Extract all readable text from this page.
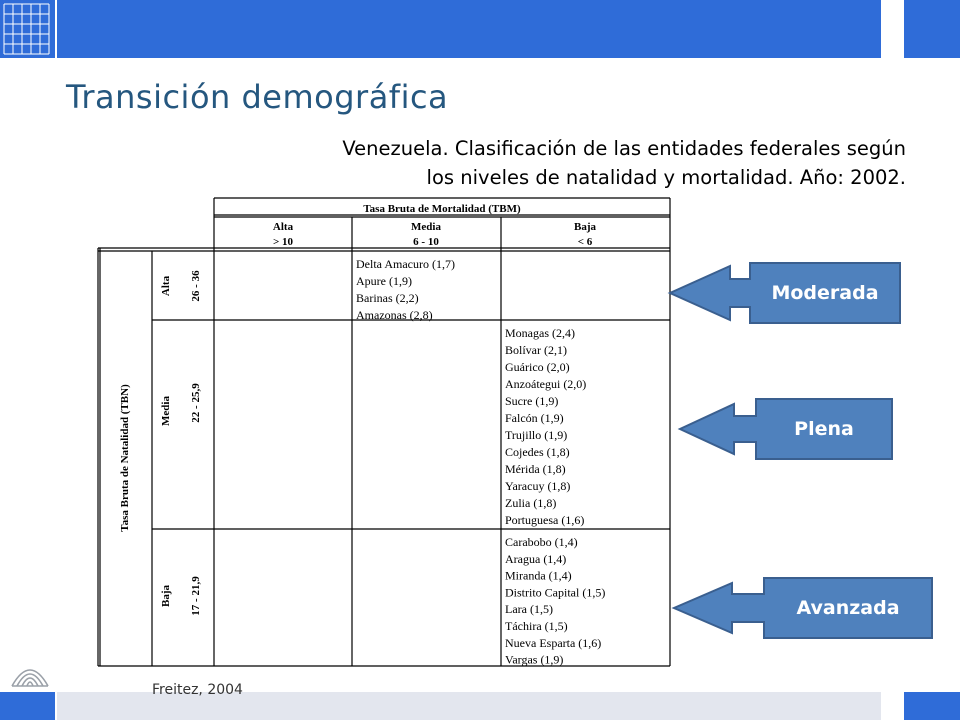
Transición demográfica
Venezuela. Clasificación de las entidades federales según
los niveles de natalidad y mortalidad. Año: 2002.
Tasa Bruta de Mortalidad (TBM)
Alta
> 10
Media
6 - 10
Baja
< 6
Tasa Bruta de Natalidad (TBN)
Alta 26 - 36
Media 22 - 25,9
Baja 17 - 21,9
Delta Amacuro (1,7)
Apure (1,9)
Barinas (2,2)
Amazonas (2,8)
Monagas (2,4)
Bolívar (2,1)
Guárico (2,0)
Anzoátegui (2,0)
Sucre (1,9)
Falcón (1,9)
Trujillo (1,9)
Cojedes (1,8)
Mérida (1,8)
Yaracuy (1,8)
Zulia (1,8)
Portuguesa (1,6)
Carabobo (1,4)
Aragua (1,4)
Miranda (1,4)
Distrito Capital (1,5)
Lara (1,5)
Táchira (1,5)
Nueva Esparta (1,6)
Vargas (1,9)
Moderada
Plena
Avanzada
Freitez, 2004
